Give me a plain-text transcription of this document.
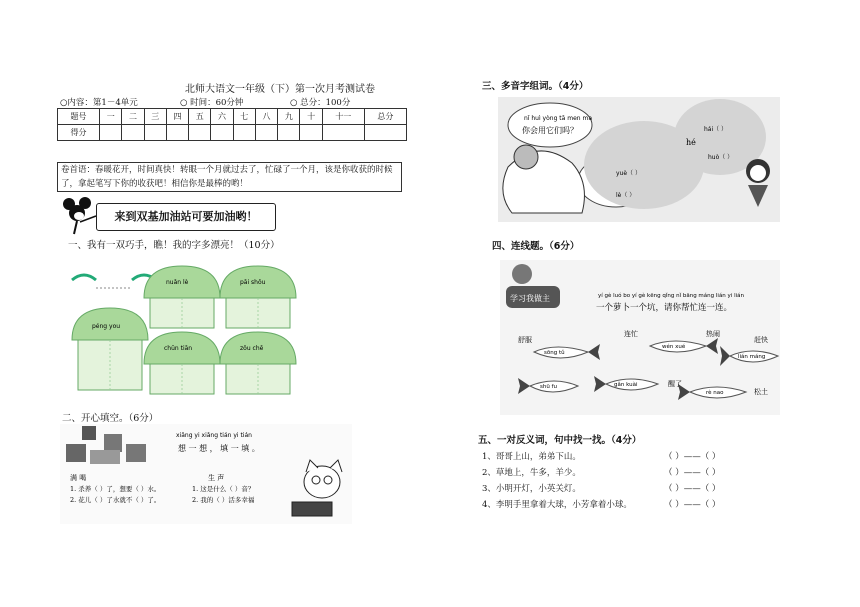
北师大语文一年级（下）第一次月考测试卷
○内容：第1－4单元	○ 时间：60分钟	○ 总分：100分
题号	一	二	三	四	五	六	七	八	九	十	十一	总分
得分												
卷首语：春暖花开，时间真快！转眼一个月就过去了，忙碌了一个月，该是你收获的时候了，拿起笔写下你的收获吧！相信你是最棒的哟！
来到双基加油站可要加油哟！
一、我有一双巧手，瞧！我的字多漂亮！（10分）
nuǎn lè	pāi shǒu
péng you
chūn tiān	zǒu chē
二、开心填空。（6分）
xiǎng yi xiǎng tián yi tián
想 一 想 ， 填 一 填 。
满 喝	生 声
1. 杀养（ ）了，想要（ ）水。
2. 花儿（ ）了水就不（ ）了。
1. 这是什么（ ）音？
2. 我的（ ）活多幸福
三、多音字组词。（4分）
nǐ huì yòng tā men ma
你会用它们吗？	hái（ ）
hé
huò（ ）
yuè（ ）
lè（ ）
四、连线题。（6分）
学习我做主	yí gè luó bo yí gè kēng qǐng nǐ bāng máng lián yi lián
一个萝卜一个坑，请你帮忙连一连。
舒服
连忙	热闹
赶快
sōng tǔ
wén xué
lián máng
shū fu	gǎn kuài
rè nao
醒了
松土
五、一对反义词，句中找一找。（4分）
1、哥哥上山，弟弟下山。	（ ）——（ ）
2、草地上，牛多，羊少。	（ ）——（ ）
3、小明开灯，小英关灯。	（ ）——（ ）
4、李明手里拿着大球，小芳拿着小球。	（ ）——（ ）
